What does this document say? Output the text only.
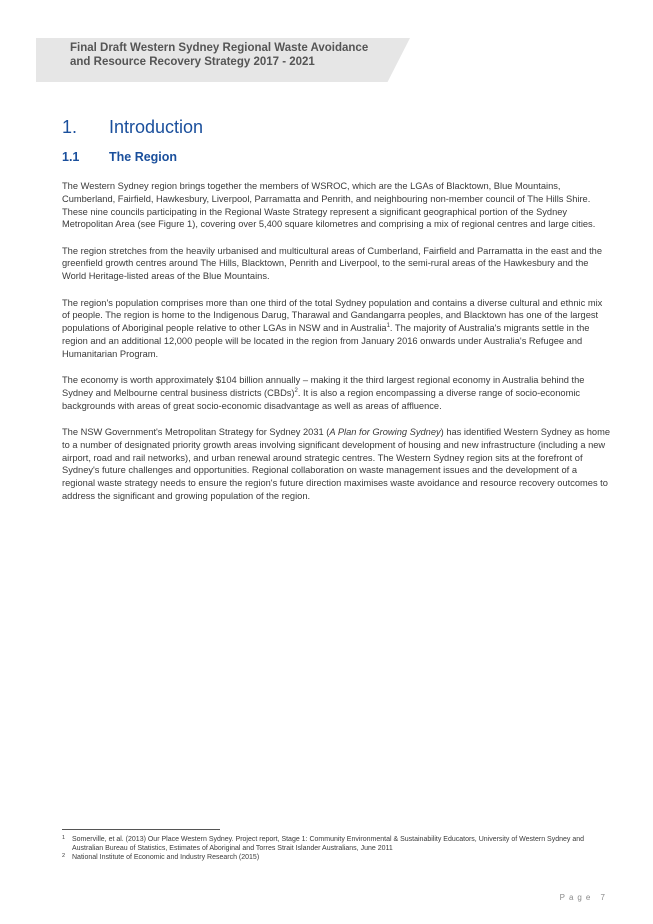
Final Draft Western Sydney Regional Waste Avoidance
and Resource Recovery Strategy 2017 - 2021
1. Introduction
1.1 The Region

The Western Sydney region brings together the members of WSROC, which are the LGAs of Blacktown, Blue Mountains, Cumberland, Fairfield, Hawkesbury, Liverpool, Parramatta and Penrith, and neighbouring non-member council of The Hills Shire. These nine councils participating in the Regional Waste Strategy represent a significant geographical portion of the Sydney Metropolitan Area (see Figure 1), covering over 5,400 square kilometres and comprising a mix of regional centres and large cities.

The region stretches from the heavily urbanised and multicultural areas of Cumberland, Fairfield and Parramatta in the east and the greenfield growth centres around The Hills, Blacktown, Penrith and Liverpool, to the semi-rural areas of the Hawkesbury and the World Heritage-listed areas of the Blue Mountains.

The region's population comprises more than one third of the total Sydney population and contains a diverse cultural and ethnic mix of people. The region is home to the Indigenous Darug, Tharawal and Gandangarra peoples, and Blacktown has one of the largest populations of Aboriginal people relative to other LGAs in NSW and in Australia$^1$. The majority of Australia's migrants settle in the region and an additional 12,000 people will be located in the region from January 2016 onwards under Australia's Refugee and Humanitarian Program.

The economy is worth approximately $104 billion annually – making it the third largest regional economy in Australia behind the Sydney and Melbourne central business districts (CBDs)$^2$. It is also a region encompassing a diverse range of socio-economic backgrounds with areas of great socio-economic disadvantage as well as areas of affluence.

The NSW Government's Metropolitan Strategy for Sydney 2031 (A Plan for Growing Sydney) has identified Western Sydney as home to a number of designated priority growth areas involving significant development of housing and new infrastructure (including a new airport, road and rail networks), and urban renewal around strategic centres. The Western Sydney region sits at the forefront of Sydney's future challenges and opportunities. Regional collaboration on waste management issues and the development of a regional waste strategy needs to ensure the region's future direction maximises waste avoidance and resource recovery outcomes to address the significant and growing population of the region.

1 Somerville, et al. (2013) Our Place Western Sydney. Project report, Stage 1: Community Environmental & Sustainability Educators, University of Western Sydney and Australian Bureau of Statistics, Estimates of Aboriginal and Torres Strait Islander Australians, June 2011

2 National Institute of Economic and Industry Research (2015)

Page 7
